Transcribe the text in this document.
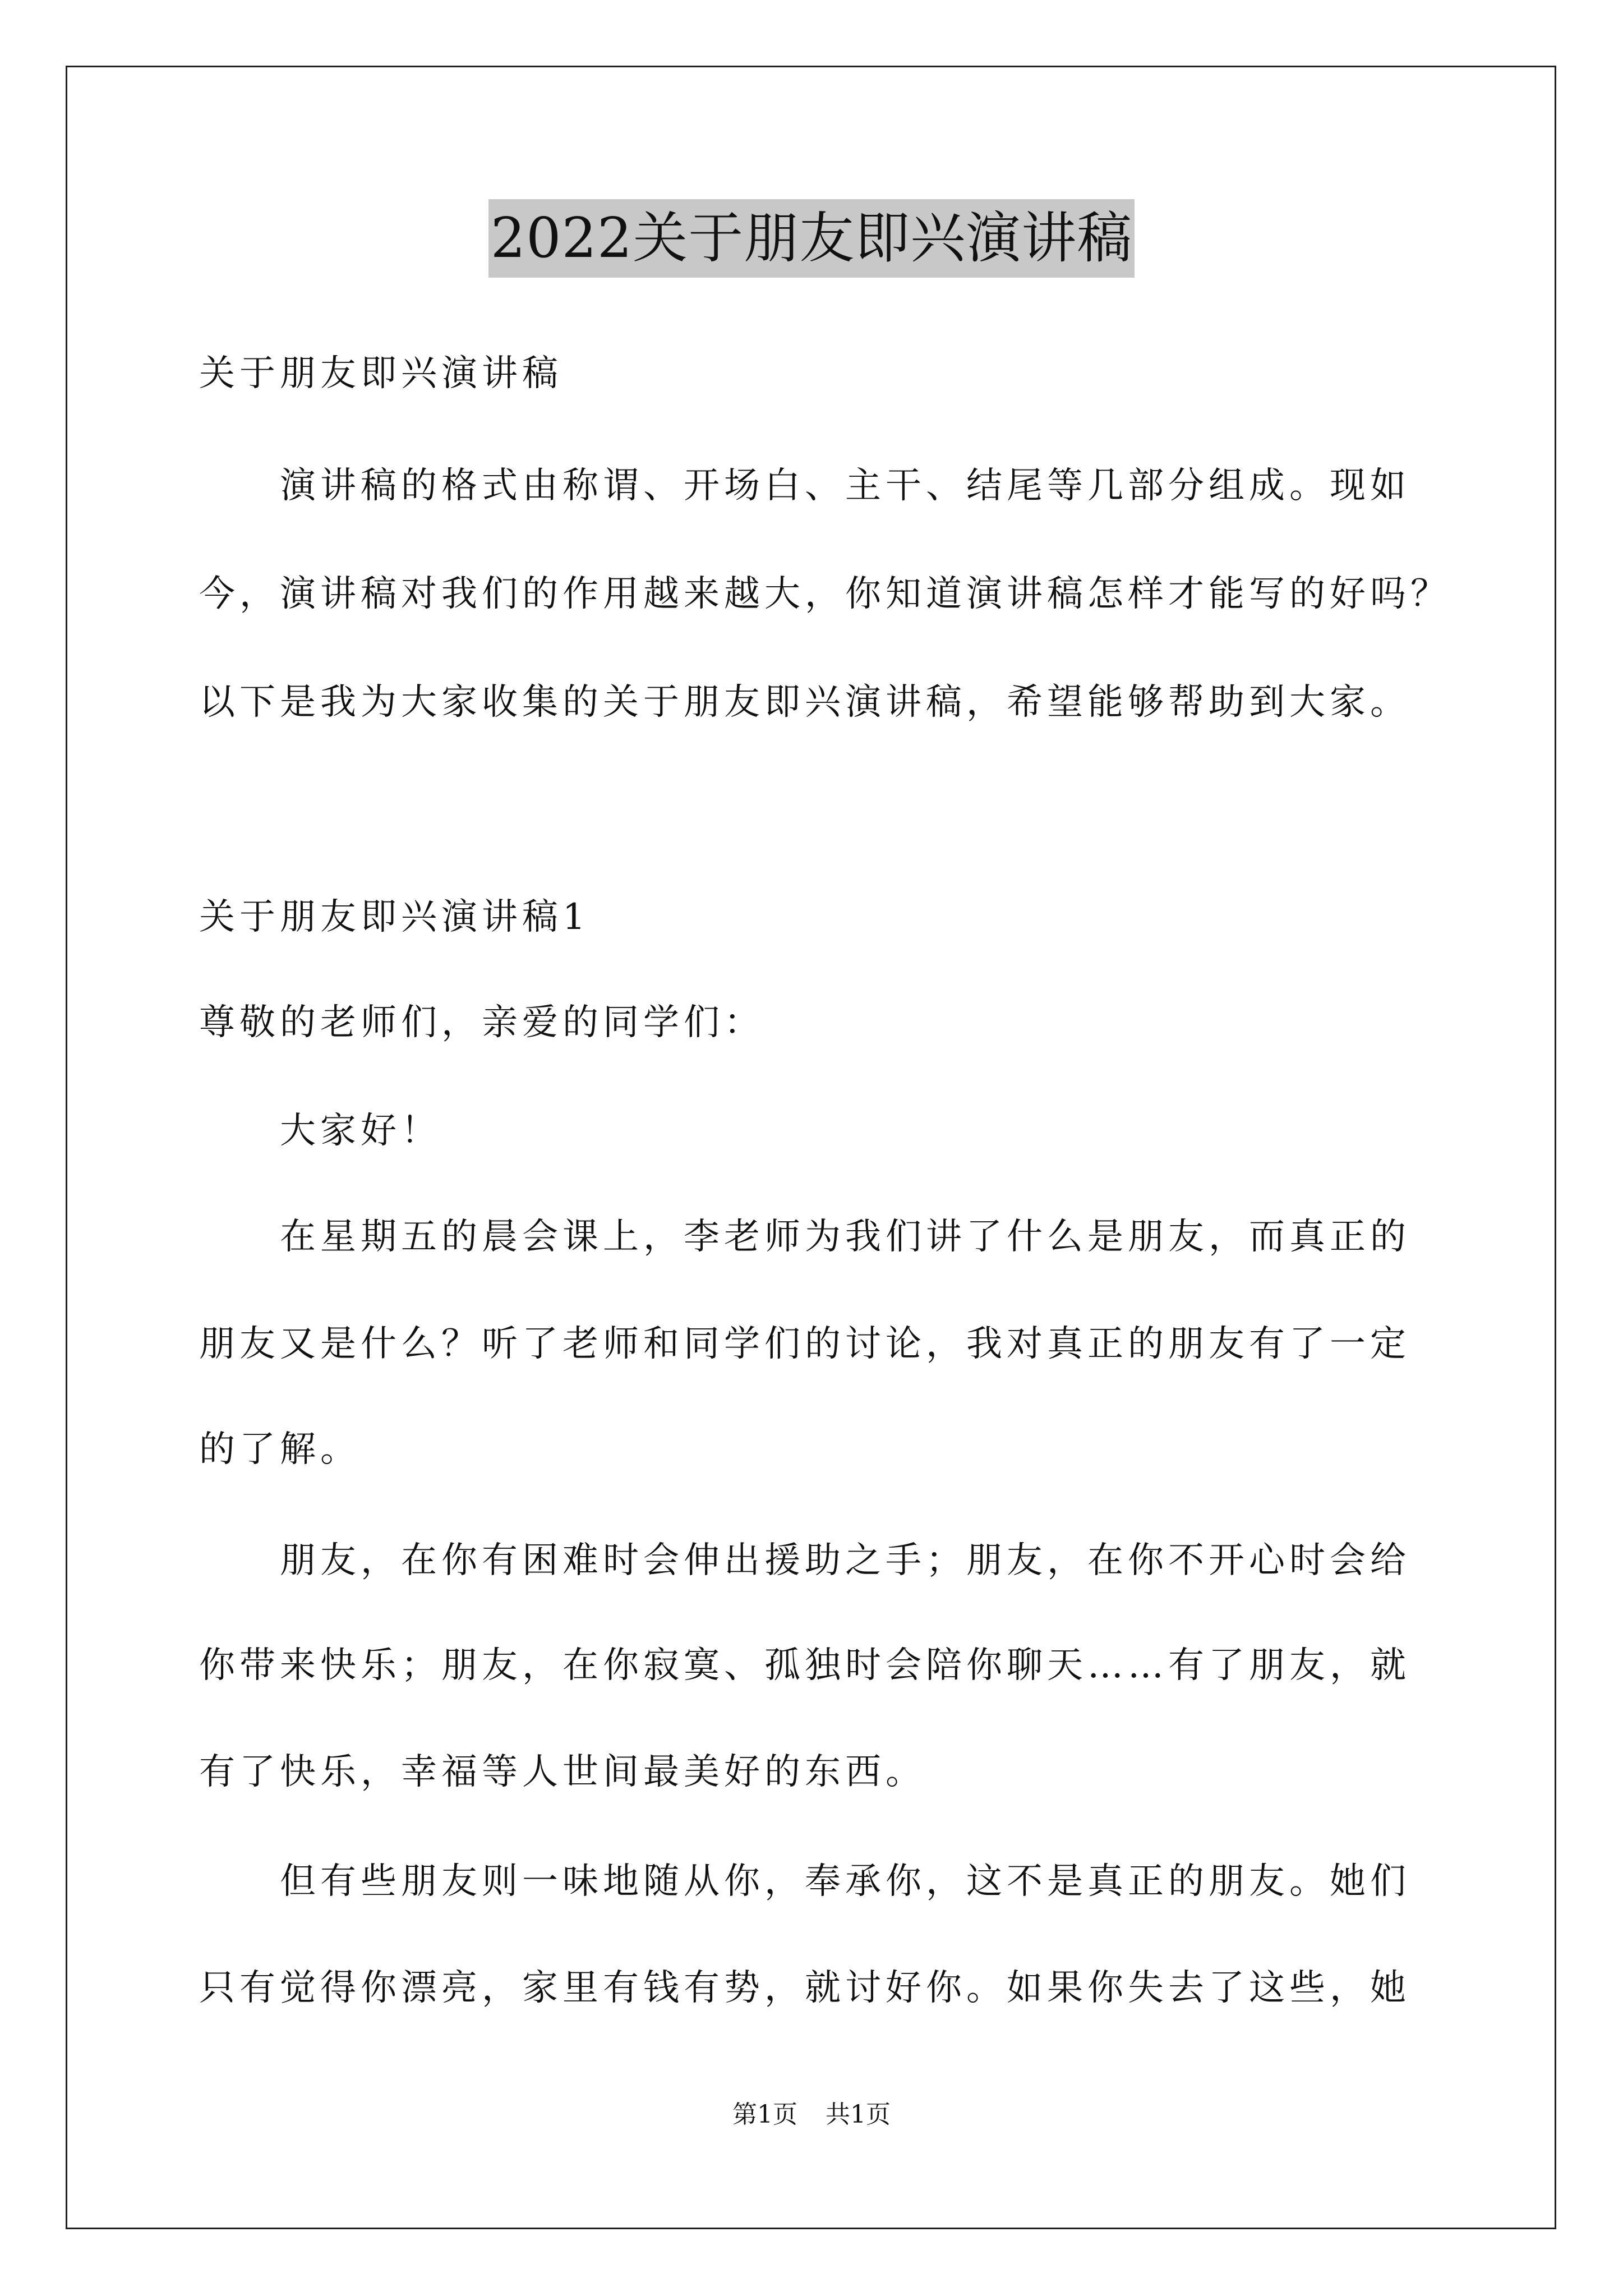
2022关于朋友即兴演讲稿
关于朋友即兴演讲稿
　　演讲稿的格式由称谓、开场白、主干、结尾等几部分组成。现如
今，演讲稿对我们的作用越来越大，你知道演讲稿怎样才能写的好吗？
以下是我为大家收集的关于朋友即兴演讲稿，希望能够帮助到大家。
关于朋友即兴演讲稿1
尊敬的老师们，亲爱的同学们：
　　大家好！
　　在星期五的晨会课上，李老师为我们讲了什么是朋友，而真正的
朋友又是什么？听了老师和同学们的讨论，我对真正的朋友有了一定
的了解。
　　朋友，在你有困难时会伸出援助之手；朋友，在你不开心时会给
你带来快乐；朋友，在你寂寞、孤独时会陪你聊天……有了朋友，就
有了快乐，幸福等人世间最美好的东西。
　　但有些朋友则一味地随从你，奉承你，这不是真正的朋友。她们
只有觉得你漂亮，家里有钱有势，就讨好你。如果你失去了这些，她
第1页 共1页
